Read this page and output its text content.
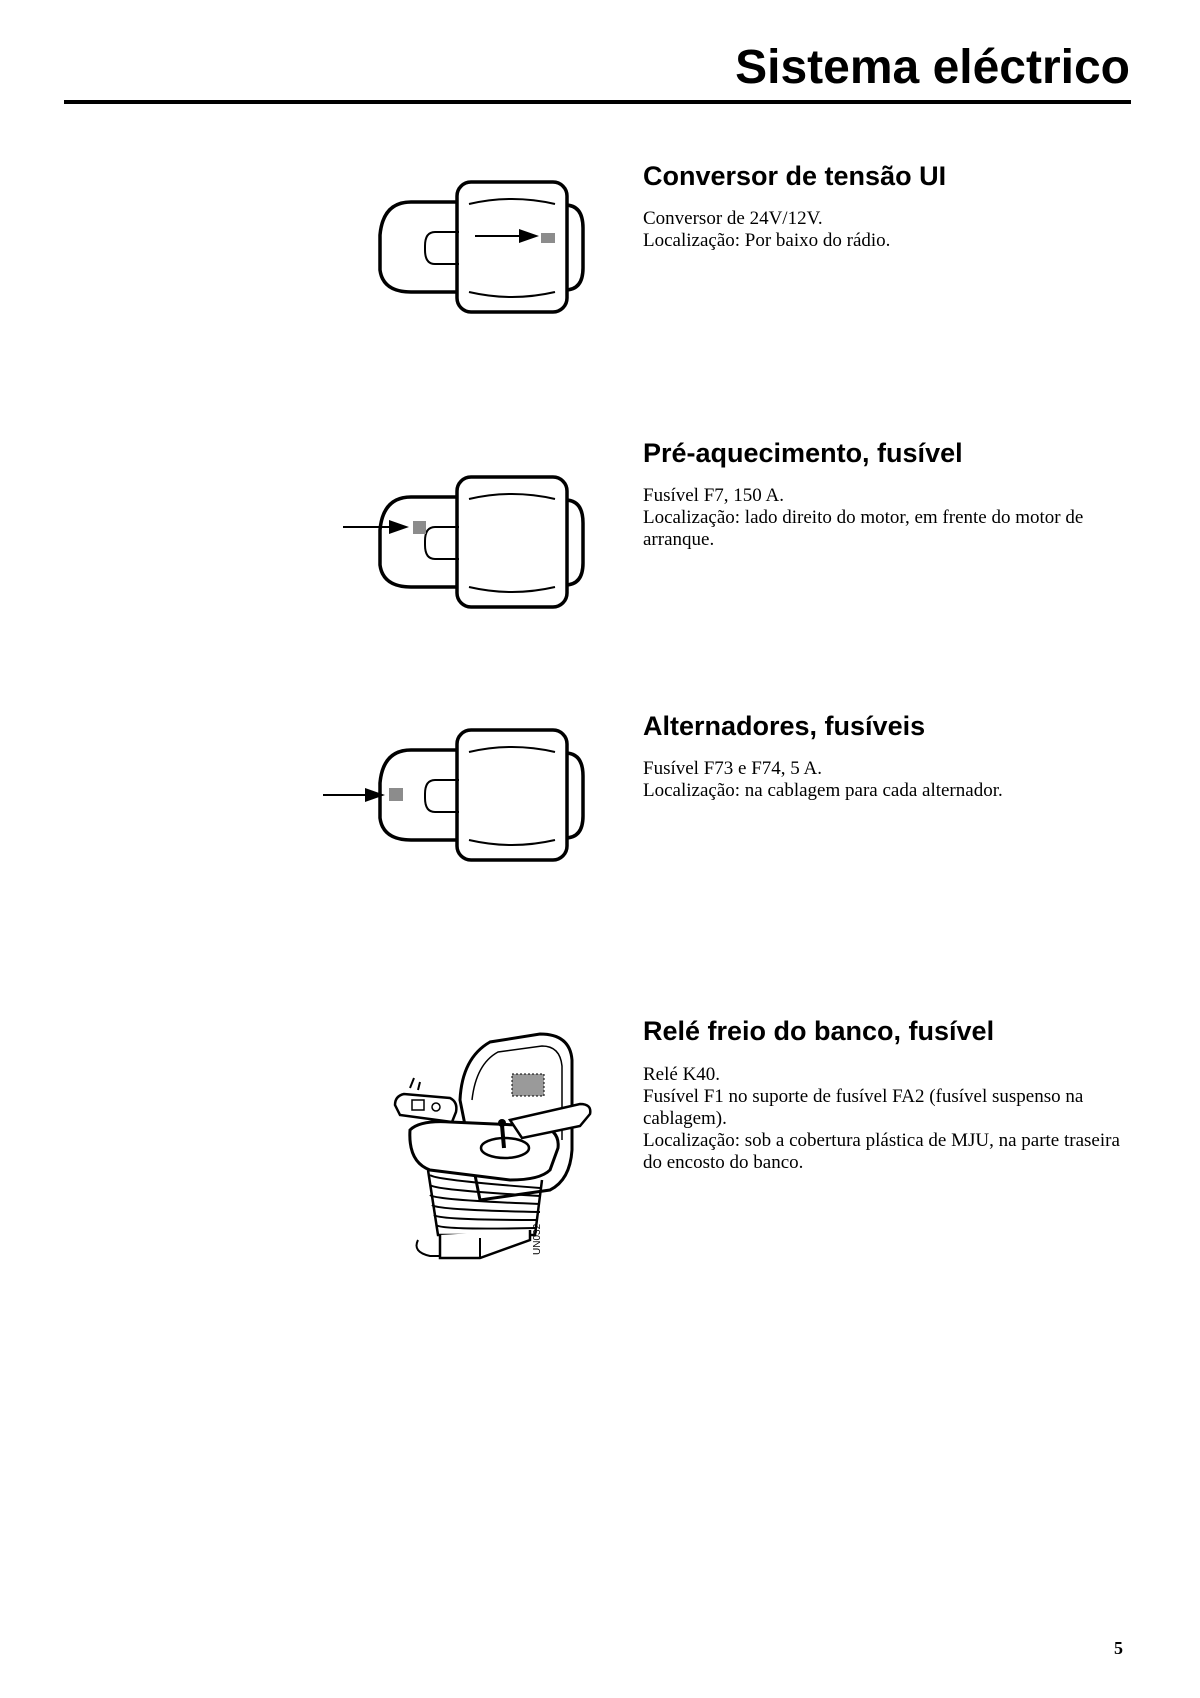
Sistema eléctrico
Conversor de tensão UI
Conversor de 24V/12V.
Localização: Por baixo do rádio.
Pré-aquecimento, fusível
Fusível F7, 150 A.
Localização: lado direito do motor, em frente do motor de arranque.
Alternadores, fusíveis
Fusível F73 e F74, 5 A.
Localização: na cablagem para cada alternador.
UN032
Relé freio do banco, fusível
Relé K40.
Fusível F1 no suporte de fusível FA2 (fusível suspenso na cablagem).
Localização: sob a cobertura plástica de MJU, na parte traseira do encosto do banco.
5
